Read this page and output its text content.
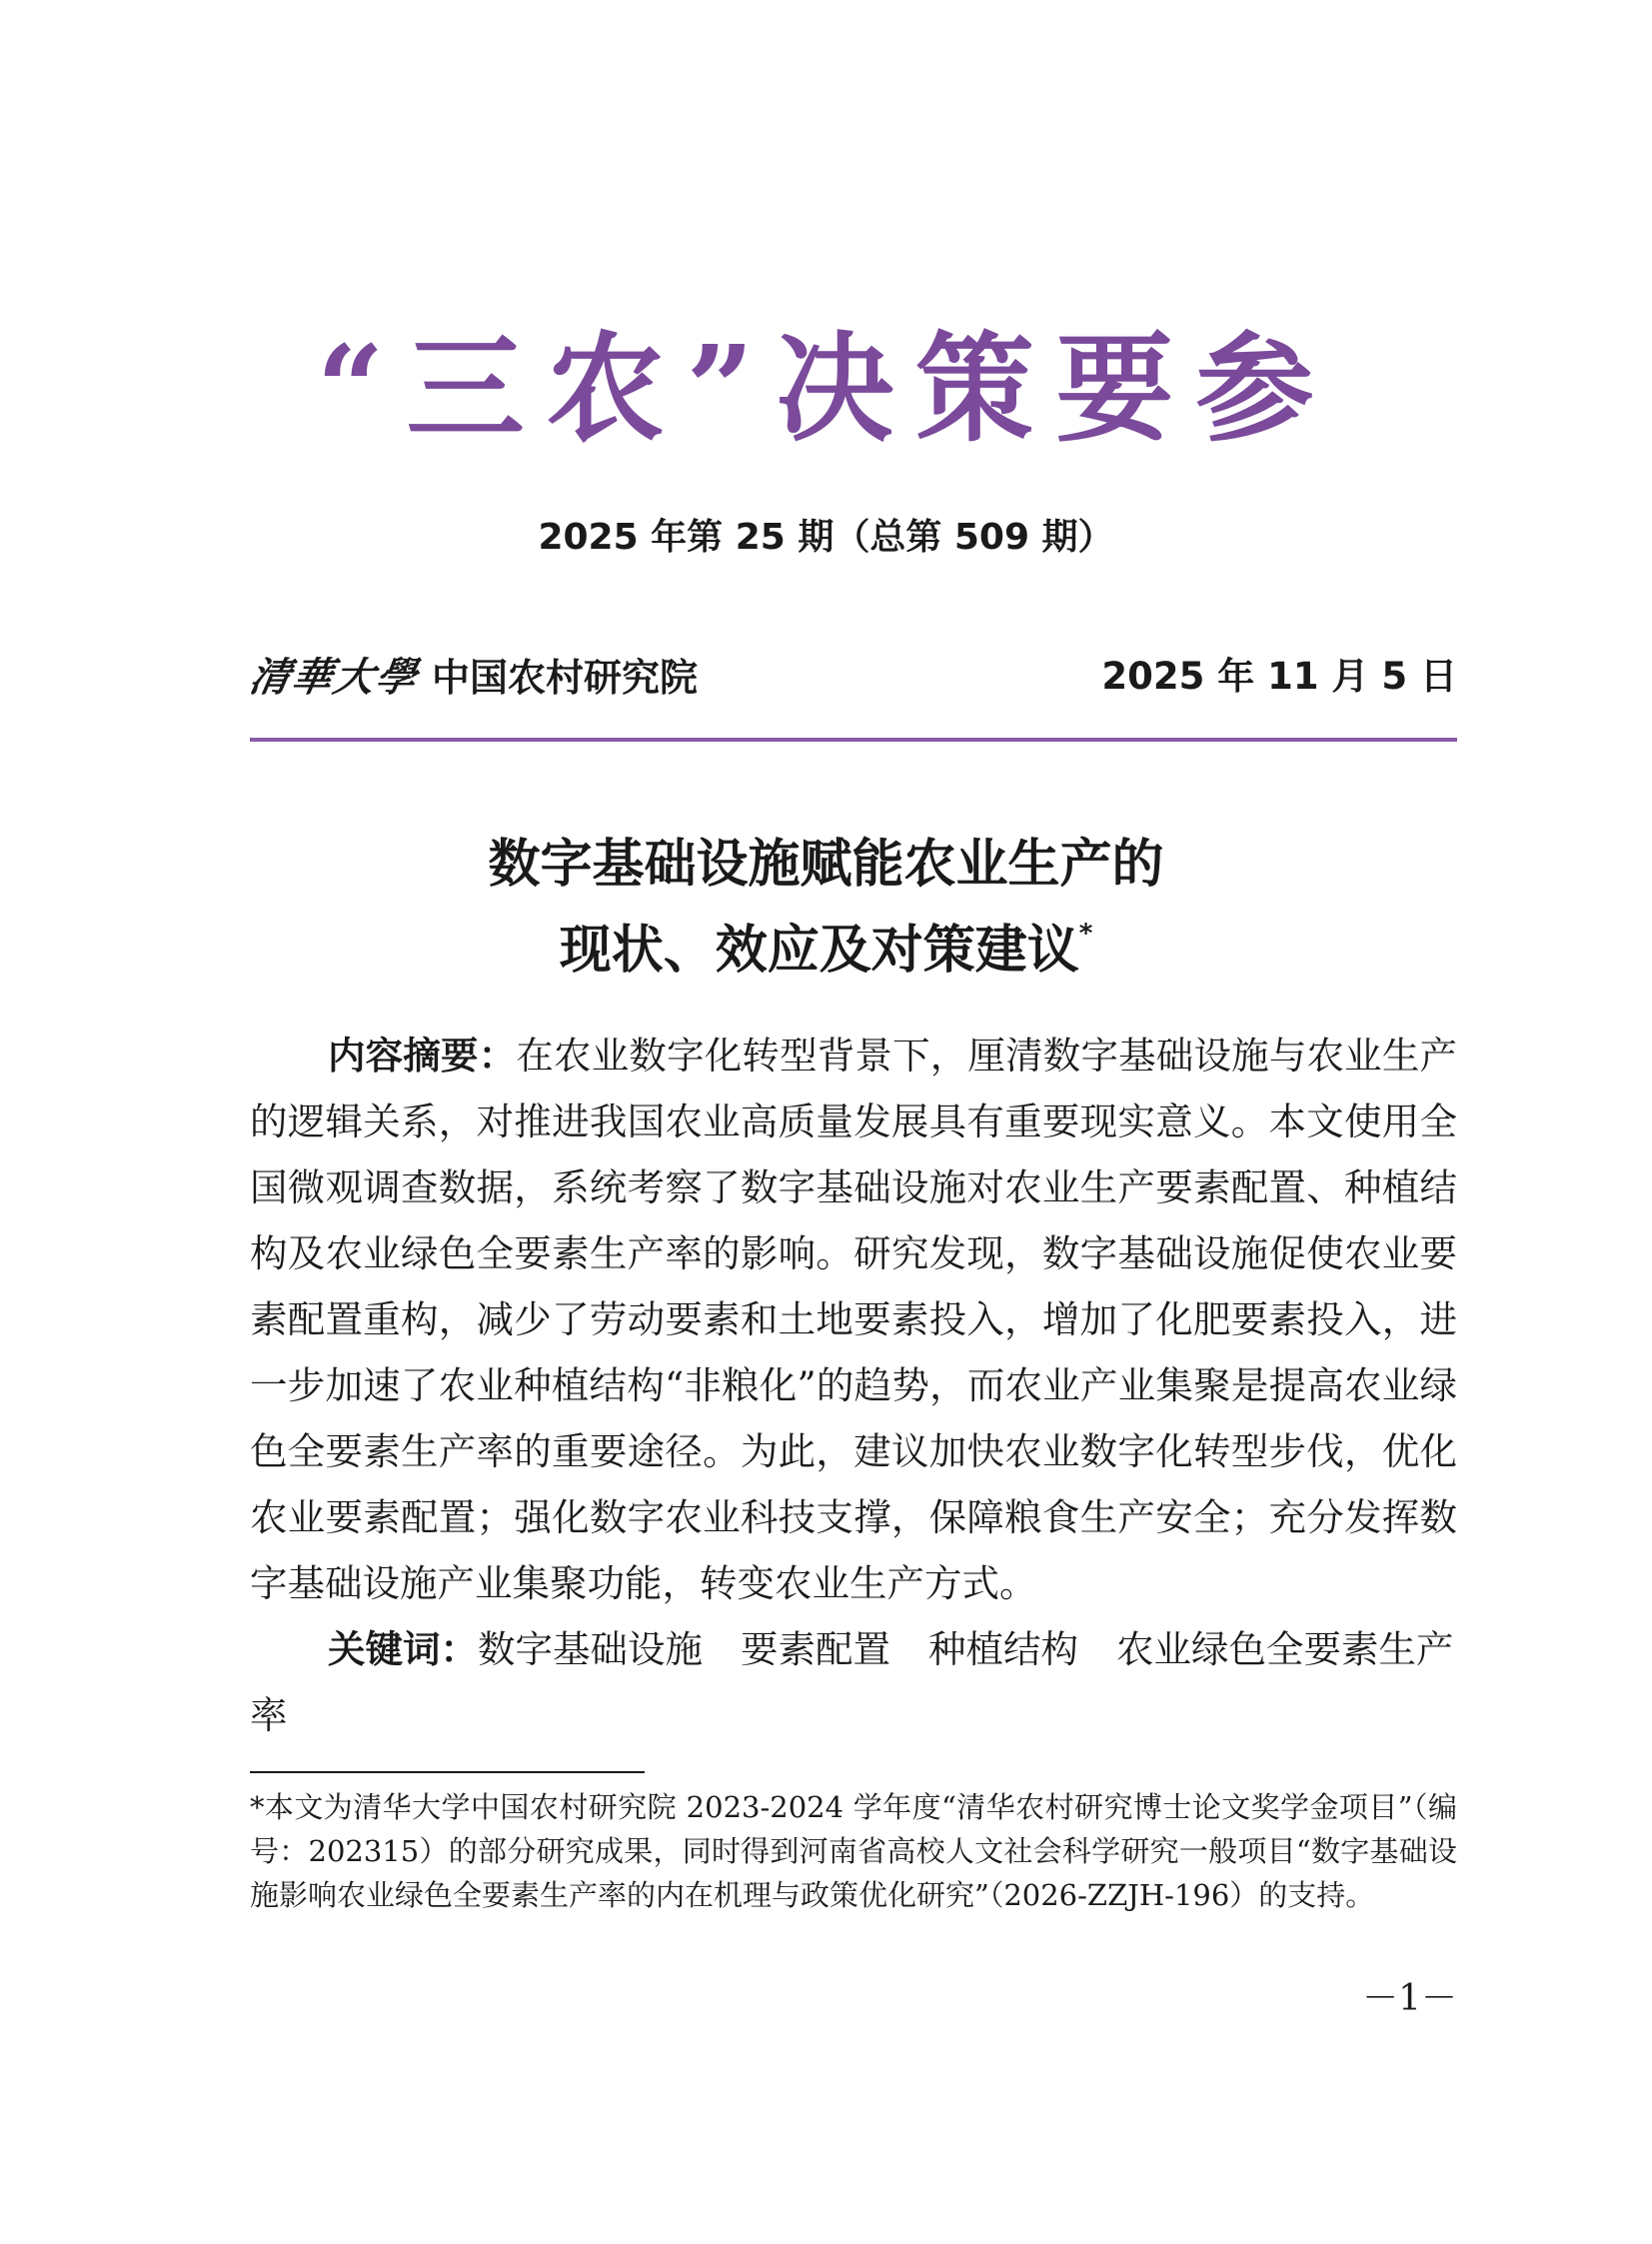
“三农”决策要参
2025 年第 25 期（总第 509 期）
清華大學 中国农村研究院	2025 年 11 月 5 日
数字基础设施赋能农业生产的
现状、效应及对策建议*

内容摘要：在农业数字化转型背景下，厘清数字基础设施与农业生产的逻辑关系，对推进我国农业高质量发展具有重要现实意义。本文使用全国微观调查数据，系统考察了数字基础设施对农业生产要素配置、种植结构及农业绿色全要素生产率的影响。研究发现，数字基础设施促使农业要素配置重构，减少了劳动要素和土地要素投入，增加了化肥要素投入，进一步加速了农业种植结构“非粮化”的趋势，而农业产业集聚是提高农业绿色全要素生产率的重要途径。为此，建议加快农业数字化转型步伐，优化农业要素配置；强化数字农业科技支撑，保障粮食生产安全；充分发挥数字基础设施产业集聚功能，转变农业生产方式。

关键词：数字基础设施 要素配置 种植结构 农业绿色全要素生产率

*本文为清华大学中国农村研究院 2023-2024 学年度“清华农村研究博士论文奖学金项目”（编号：202315）的部分研究成果，同时得到河南省高校人文社会科学研究一般项目“数字基础设施影响农业绿色全要素生产率的内在机理与政策优化研究”（2026-ZZJH-196）的支持。

－1－
